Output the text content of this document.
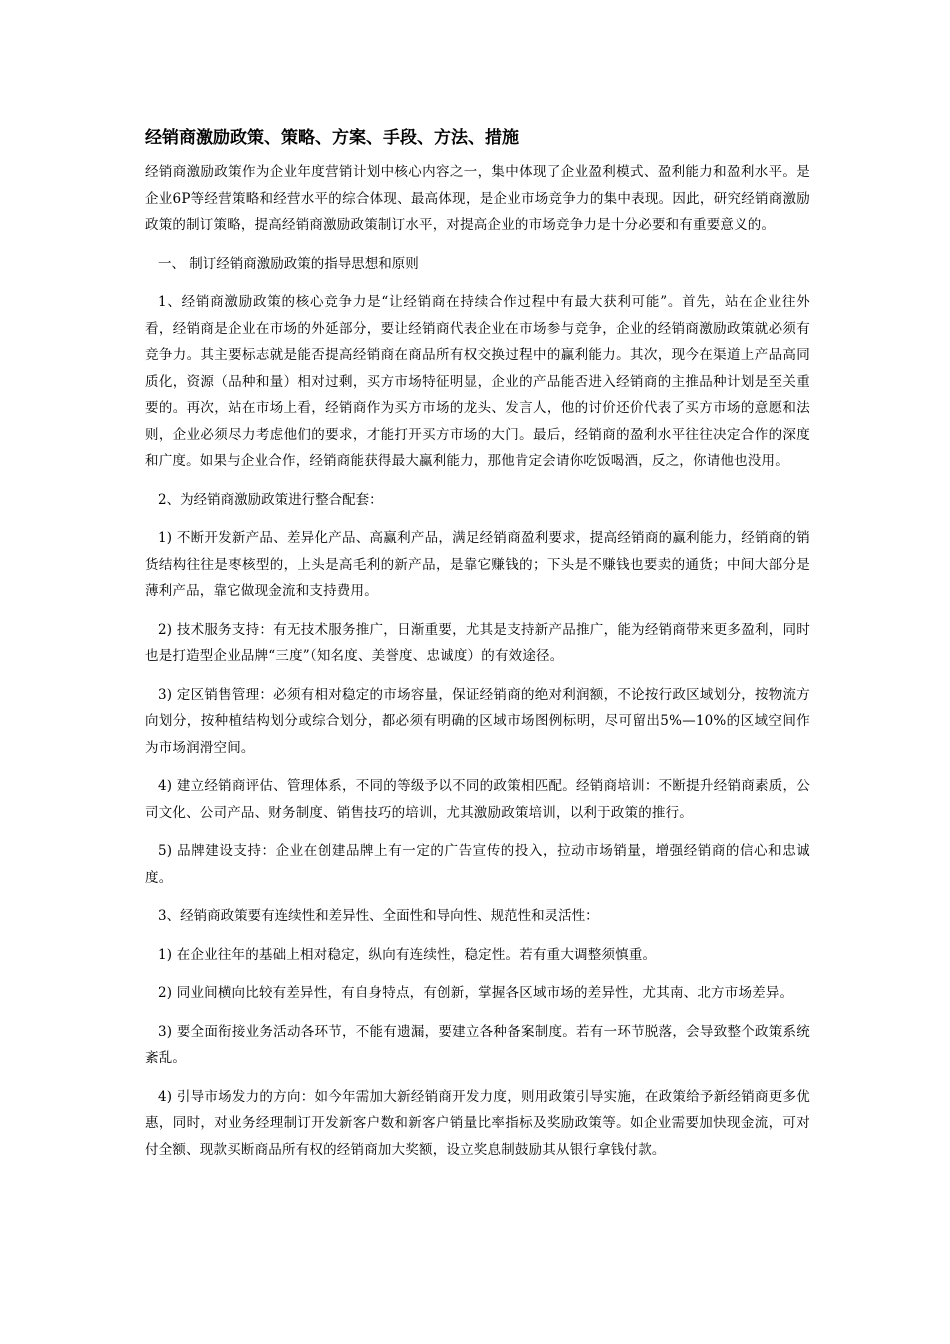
经销商激励政策、策略、方案、手段、方法、措施

经销商激励政策作为企业年度营销计划中核心内容之一，集中体现了企业盈利模式、盈利能力和盈利水平。是企业6P等经营策略和经营水平的综合体现、最高体现，是企业市场竞争力的集中表现。因此，研究经销商激励政策的制订策略，提高经销商激励政策制订水平，对提高企业的市场竞争力是十分必要和有重要意义的。

一、 制订经销商激励政策的指导思想和原则

1、经销商激励政策的核心竞争力是“让经销商在持续合作过程中有最大获利可能”。首先，站在企业往外看，经销商是企业在市场的外延部分，要让经销商代表企业在市场参与竞争，企业的经销商激励政策就必须有竞争力。其主要标志就是能否提高经销商在商品所有权交换过程中的赢利能力。其次，现今在渠道上产品高同质化，资源（品种和量）相对过剩，买方市场特征明显，企业的产品能否进入经销商的主推品种计划是至关重要的。再次，站在市场上看，经销商作为买方市场的龙头、发言人，他的讨价还价代表了买方市场的意愿和法则，企业必须尽力考虑他们的要求，才能打开买方市场的大门。最后，经销商的盈利水平往往决定合作的深度和广度。如果与企业合作，经销商能获得最大赢利能力，那他肯定会请你吃饭喝酒，反之，你请他也没用。

2、为经销商激励政策进行整合配套：

1) 不断开发新产品、差异化产品、高赢利产品，满足经销商盈利要求，提高经销商的赢利能力，经销商的销货结构往往是枣核型的，上头是高毛利的新产品，是靠它赚钱的；下头是不赚钱也要卖的通货；中间大部分是薄利产品，靠它做现金流和支持费用。

2) 技术服务支持：有无技术服务推广，日渐重要，尤其是支持新产品推广，能为经销商带来更多盈利，同时也是打造型企业品牌“三度”（知名度、美誉度、忠诚度）的有效途径。

3) 定区销售管理：必须有相对稳定的市场容量，保证经销商的绝对利润额，不论按行政区域划分，按物流方向划分，按种植结构划分或综合划分，都必须有明确的区域市场图例标明，尽可留出5%—10%的区域空间作为市场润滑空间。

4) 建立经销商评估、管理体系，不同的等级予以不同的政策相匹配。经销商培训：不断提升经销商素质，公司文化、公司产品、财务制度、销售技巧的培训，尤其激励政策培训，以利于政策的推行。

5) 品牌建设支持：企业在创建品牌上有一定的广告宣传的投入，拉动市场销量，增强经销商的信心和忠诚度。

3、经销商政策要有连续性和差异性、全面性和导向性、规范性和灵活性：

1) 在企业往年的基础上相对稳定，纵向有连续性，稳定性。若有重大调整须慎重。

2) 同业间横向比较有差异性，有自身特点，有创新，掌握各区域市场的差异性，尤其南、北方市场差异。

3) 要全面衔接业务活动各环节，不能有遗漏，要建立各种备案制度。若有一环节脱落，会导致整个政策系统紊乱。

4) 引导市场发力的方向：如今年需加大新经销商开发力度，则用政策引导实施，在政策给予新经销商更多优惠，同时，对业务经理制订开发新客户数和新客户销量比率指标及奖励政策等。如企业需要加快现金流，可对付全额、现款买断商品所有权的经销商加大奖额，设立奖息制鼓励其从银行拿钱付款。
